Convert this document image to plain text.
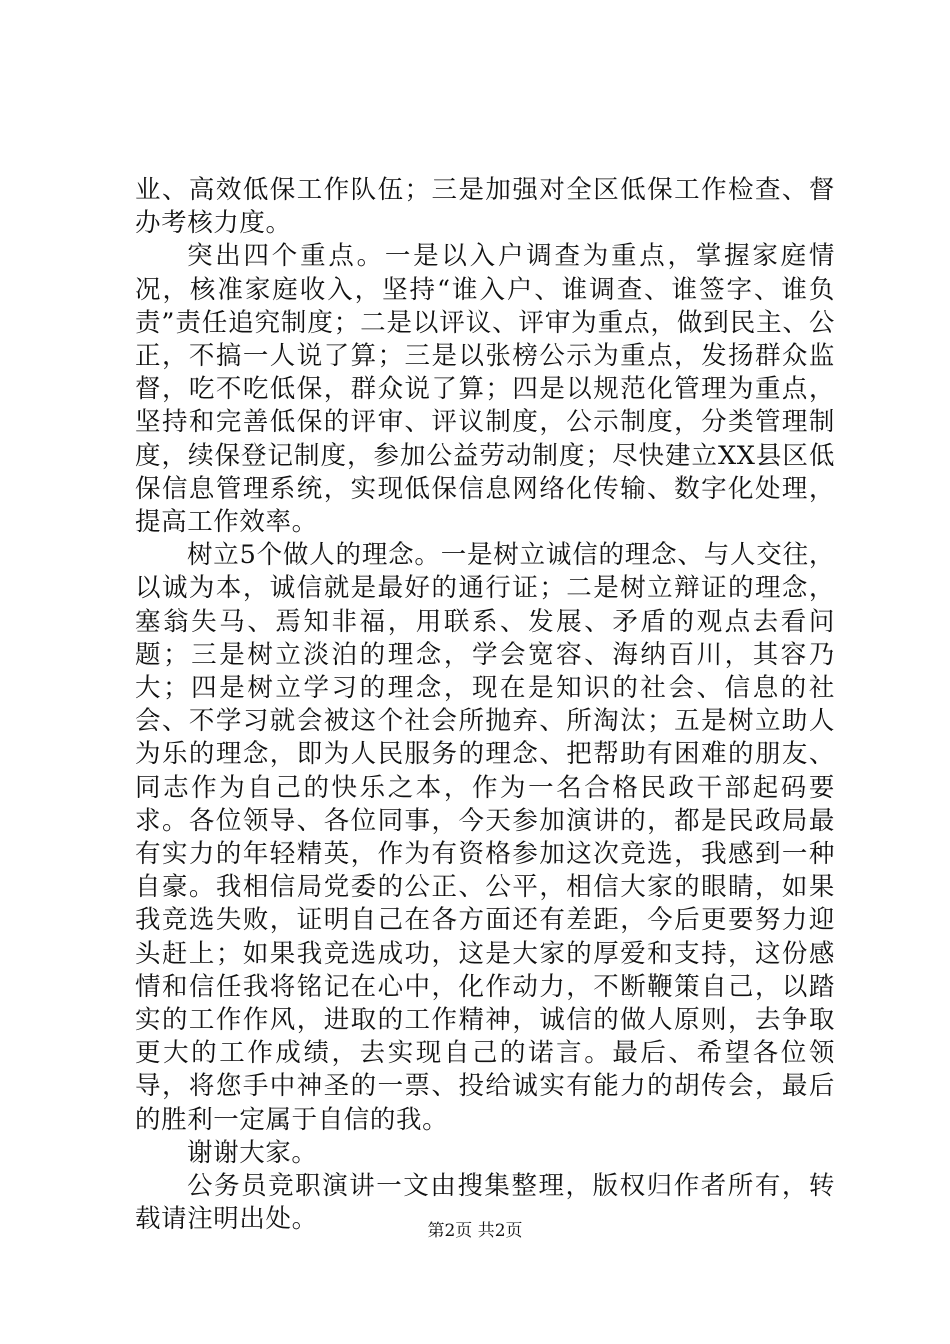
业、高效低保工作队伍；三是加强对全区低保工作检查、督办考核力度。

突出四个重点。一是以入户调查为重点，掌握家庭情况，核准家庭收入，坚持“谁入户、谁调查、谁签字、谁负责”责任追究制度；二是以评议、评审为重点，做到民主、公正，不搞一人说了算；三是以张榜公示为重点，发扬群众监督，吃不吃低保，群众说了算；四是以规范化管理为重点，坚持和完善低保的评审、评议制度，公示制度，分类管理制度，续保登记制度，参加公益劳动制度；尽快建立XX县区低保信息管理系统，实现低保信息网络化传输、数字化处理，提高工作效率。

树立5个做人的理念。一是树立诚信的理念、与人交往，以诚为本，诚信就是最好的通行证；二是树立辩证的理念，塞翁失马、焉知非福，用联系、发展、矛盾的观点去看问题；三是树立淡泊的理念，学会宽容、海纳百川，其容乃大；四是树立学习的理念，现在是知识的社会、信息的社会、不学习就会被这个社会所抛弃、所淘汰；五是树立助人为乐的理念，即为人民服务的理念、把帮助有困难的朋友、同志作为自己的快乐之本，作为一名合格民政干部起码要求。各位领导、各位同事，今天参加演讲的，都是民政局最有实力的年轻精英，作为有资格参加这次竞选，我感到一种自豪。我相信局党委的公正、公平，相信大家的眼睛，如果我竞选失败，证明自己在各方面还有差距，今后更要努力迎头赶上；如果我竞选成功，这是大家的厚爱和支持，这份感情和信任我将铭记在心中，化作动力，不断鞭策自己，以踏实的工作作风，进取的工作精神，诚信的做人原则，去争取更大的工作成绩，去实现自己的诺言。最后、希望各位领导，将您手中神圣的一票、投给诚实有能力的胡传会，最后的胜利一定属于自信的我。

谢谢大家。

公务员竞职演讲一文由搜集整理，版权归作者所有，转载请注明出处。	第2页 共2页
